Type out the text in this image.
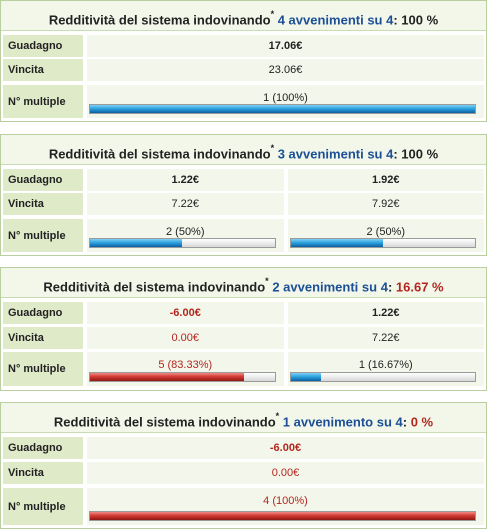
Redditività del sistema indovinando* 4 avvenimenti su 4: 100 %
Guadagno	17.06€
Vincita	23.06€
N° multiple	1 (100%)
Redditività del sistema indovinando* 3 avvenimenti su 4: 100 %
Guadagno	1.22€	1.92€
Vincita	7.22€	7.92€
N° multiple	2 (50%)	2 (50%)
Redditività del sistema indovinando* 2 avvenimenti su 4: 16.67 %
Guadagno	-6.00€	1.22€
Vincita	0.00€	7.22€
N° multiple	5 (83.33%)	1 (16.67%)
Redditività del sistema indovinando* 1 avvenimento su 4: 0 %
Guadagno	-6.00€
Vincita	0.00€
N° multiple	4 (100%)
